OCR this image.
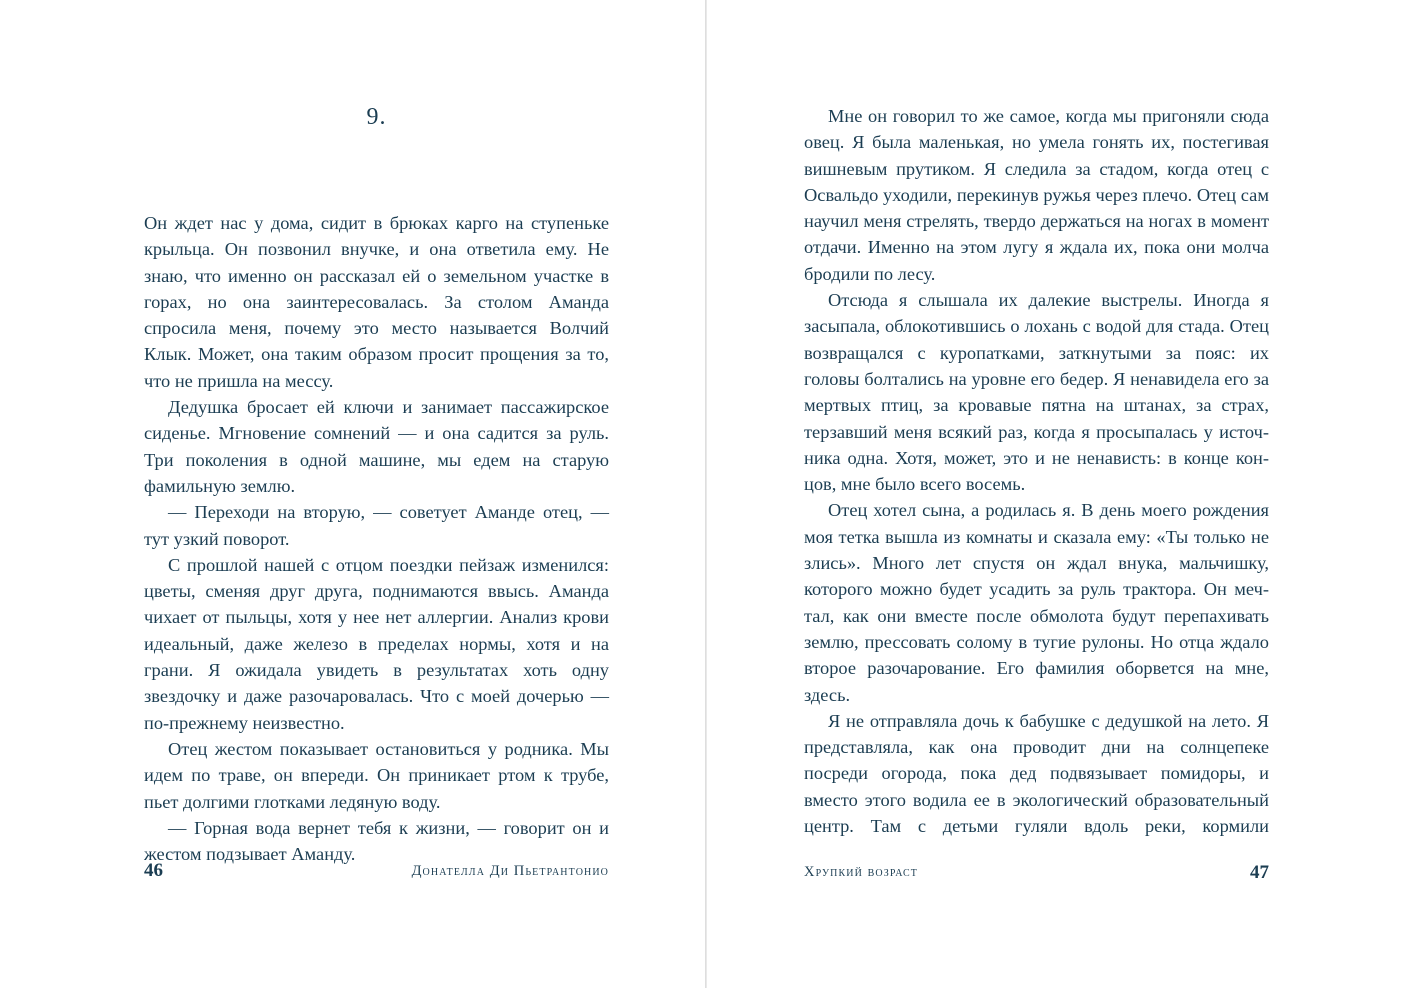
9.

Он ждет нас у дома, сидит в брюках карго на ступеньке крыльца. Он позвонил внучке, и она ответила ему. Не знаю, что именно он рассказал ей о земельном участке в горах, но она заинтересовалась. За столом Аманда спросила меня, почему это место называется Волчий Клык. Может, она таким образом просит прощения за то, что не пришла на мессу.

Дедушка бросает ей ключи и занимает пассажирское сиденье. Мгновение сомнений — и она садится за руль. Три поколения в одной машине, мы едем на старую фамильную землю.

— Переходи на вторую, — советует Аманде отец, — тут узкий поворот.

С прошлой нашей с отцом поездки пейзаж изменился: цветы, сменяя друг друга, поднимаются ввысь. Аманда чихает от пыльцы, хотя у нее нет аллергии. Анализ крови идеальный, даже железо в пределах нормы, хотя и на грани. Я ожидала увидеть в результатах хоть одну звездочку и даже разочаровалась. Что с моей дочерью — по-прежнему неизвестно.

Отец жестом показывает остановиться у родника. Мы идем по траве, он впереди. Он приникает ртом к трубе, пьет долгими глотками ледяную воду.

— Горная вода вернет тебя к жизни, — говорит он и жестом подзывает Аманду.

46	Донателла Ди Пьетрантонио

Мне он говорил то же самое, когда мы пригоняли сюда овец. Я была маленькая, но умела гонять их, постегивая вишневым прутиком. Я следила за стадом, когда отец с Освальдо уходили, перекинув ружья через плечо. Отец сам научил меня стрелять, твердо держаться на ногах в момент отдачи. Именно на этом лугу я ждала их, пока они молча бродили по лесу.

Отсюда я слышала их далекие выстрелы. Иногда я засыпала, облокотившись о лохань с водой для стада. Отец возвращался с куропатками, заткнутыми за пояс: их головы болтались на уровне его бедер. Я ненавидела его за мертвых птиц, за кровавые пятна на штанах, за страх, терзавший меня всякий раз, когда я просыпалась у источника одна. Хотя, может, это и не ненависть: в конце концов, мне было всего восемь.

Отец хотел сына, а родилась я. В день моего рождения моя тетка вышла из комнаты и сказала ему: «Ты только не злись». Много лет спустя он ждал внука, мальчишку, которого можно будет усадить за руль трактора. Он мечтал, как они вместе после обмолота будут перепахивать землю, прессовать солому в тугие рулоны. Но отца ждало второе разочарование. Его фамилия оборвется на мне, здесь.

Я не отправляла дочь к бабушке с дедушкой на лето. Я представляла, как она проводит дни на солнцепеке посреди огорода, пока дед подвязывает помидоры, и вместо этого водила ее в экологический образовательный центр. Там с детьми гуляли вдоль реки, кормили

Хрупкий возраст	47
